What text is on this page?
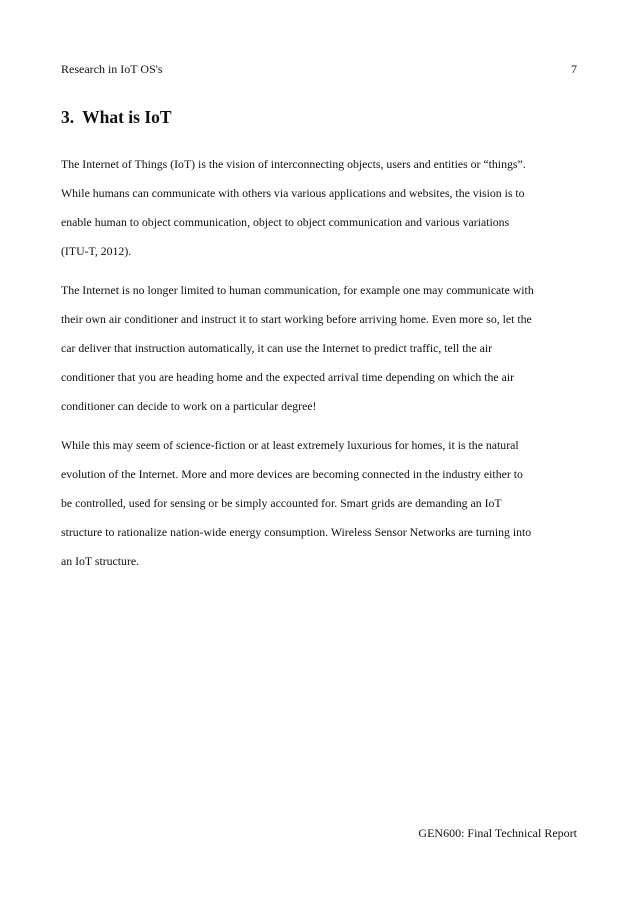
Research in IoT OS's	7
3. What is IoT

The Internet of Things (IoT) is the vision of interconnecting objects, users and entities or “things”.
While humans can communicate with others via various applications and websites, the vision is to
enable human to object communication, object to object communication and various variations
(ITU-T, 2012).

The Internet is no longer limited to human communication, for example one may communicate with
their own air conditioner and instruct it to start working before arriving home. Even more so, let the
car deliver that instruction automatically, it can use the Internet to predict traffic, tell the air
conditioner that you are heading home and the expected arrival time depending on which the air
conditioner can decide to work on a particular degree!

While this may seem of science-fiction or at least extremely luxurious for homes, it is the natural
evolution of the Internet. More and more devices are becoming connected in the industry either to
be controlled, used for sensing or be simply accounted for. Smart grids are demanding an IoT
structure to rationalize nation-wide energy consumption. Wireless Sensor Networks are turning into
an IoT structure.

GEN600: Final Technical Report
